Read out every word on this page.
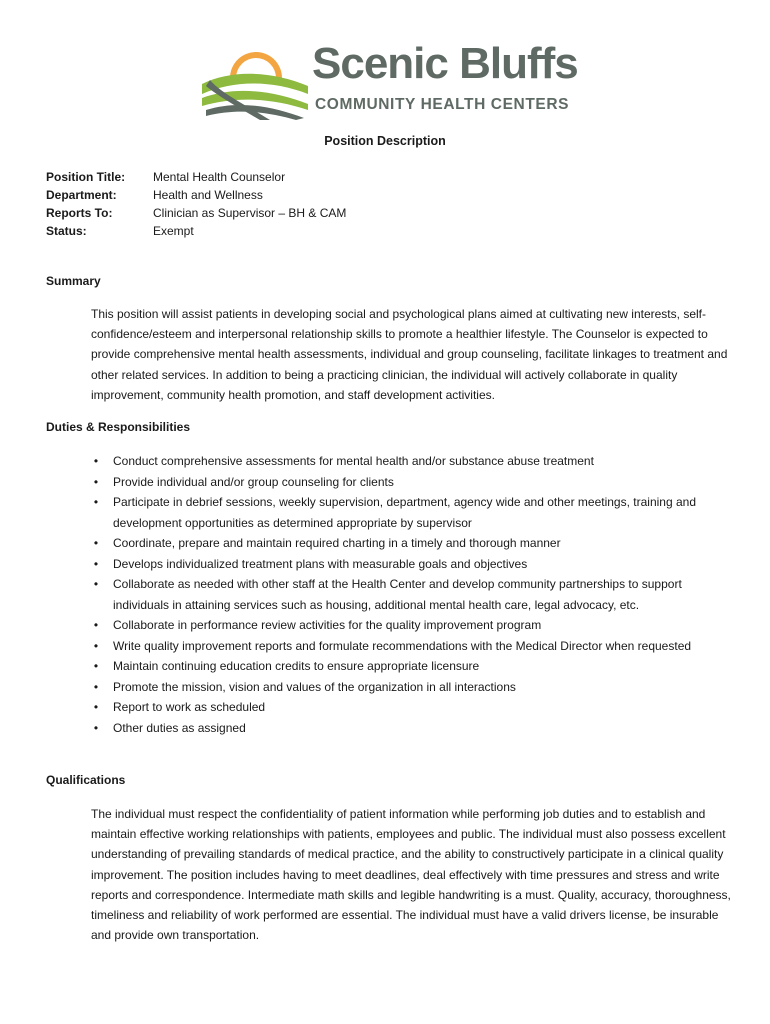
Scenic Bluffs
COMMUNITY HEALTH CENTERS
Position Description
Position Title:	Mental Health Counselor
Department:	Health and Wellness
Reports To:	Clinician as Supervisor – BH & CAM
Status:	Exempt
Summary

This position will assist patients in developing social and psychological plans aimed at cultivating new interests, self-confidence/esteem and interpersonal relationship skills to promote a healthier lifestyle. The Counselor is expected to provide comprehensive mental health assessments, individual and group counseling, facilitate linkages to treatment and other related services. In addition to being a practicing clinician, the individual will actively collaborate in quality improvement, community health promotion, and staff development activities.

Duties & Responsibilities
• Conduct comprehensive assessments for mental health and/or substance abuse treatment
• Provide individual and/or group counseling for clients
• Participate in debrief sessions, weekly supervision, department, agency wide and other meetings, training and development opportunities as determined appropriate by supervisor
• Coordinate, prepare and maintain required charting in a timely and thorough manner
• Develops individualized treatment plans with measurable goals and objectives
• Collaborate as needed with other staff at the Health Center and develop community partnerships to support individuals in attaining services such as housing, additional mental health care, legal advocacy, etc.
• Collaborate in performance review activities for the quality improvement program
• Write quality improvement reports and formulate recommendations with the Medical Director when requested
• Maintain continuing education credits to ensure appropriate licensure
• Promote the mission, vision and values of the organization in all interactions
• Report to work as scheduled
• Other duties as assigned
Qualifications

The individual must respect the confidentiality of patient information while performing job duties and to establish and maintain effective working relationships with patients, employees and public. The individual must also possess excellent understanding of prevailing standards of medical practice, and the ability to constructively participate in a clinical quality improvement. The position includes having to meet deadlines, deal effectively with time pressures and stress and write reports and correspondence. Intermediate math skills and legible handwriting is a must. Quality, accuracy, thoroughness, timeliness and reliability of work performed are essential. The individual must have a valid drivers license, be insurable and provide own transportation.
